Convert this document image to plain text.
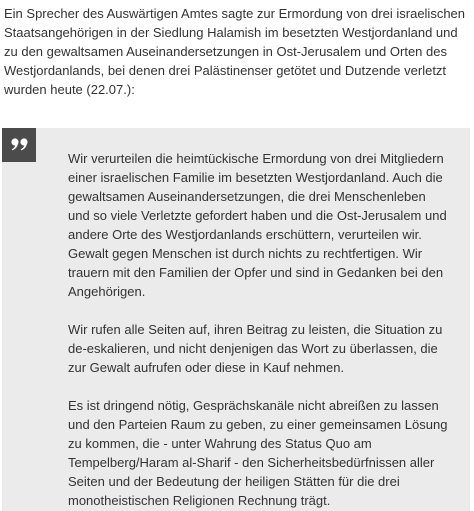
Ein Sprecher des Auswärtigen Amtes sagte zur Ermordung von drei israelischen Staatsangehörigen in der Siedlung Halamish im besetzten Westjordanland und zu den gewaltsamen Auseinandersetzungen in Ost-Jerusalem und Orten des Westjordanlands, bei denen drei Palästinenser getötet und Dutzende verletzt wurden heute (22.07.):

Wir verurteilen die heimtückische Ermordung von drei Mitgliedern einer israelischen Familie im besetzten Westjordanland. Auch die gewaltsamen Auseinandersetzungen, die drei Menschenleben und so viele Verletzte gefordert haben und die Ost-Jerusalem und andere Orte des Westjordanlands erschüttern, verurteilen wir. Gewalt gegen Menschen ist durch nichts zu rechtfertigen. Wir trauern mit den Familien der Opfer und sind in Gedanken bei den Angehörigen.

Wir rufen alle Seiten auf, ihren Beitrag zu leisten, die Situation zu de-eskalieren, und nicht denjenigen das Wort zu überlassen, die zur Gewalt aufrufen oder diese in Kauf nehmen.

Es ist dringend nötig, Gesprächskanäle nicht abreißen zu lassen und den Parteien Raum zu geben, zu einer gemeinsamen Lösung zu kommen, die - unter Wahrung des Status Quo am Tempelberg/Haram al-Sharif - den Sicherheitsbedürfnissen aller Seiten und der Bedeutung der heiligen Stätten für die drei monotheistischen Religionen Rechnung trägt.
